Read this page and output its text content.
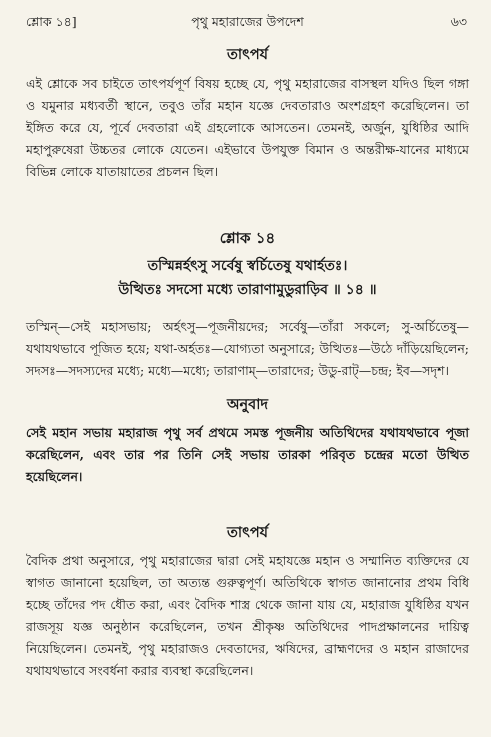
শ্লোক ১৪]	পৃথু মহারাজের উপদেশ	৬৩
তাৎপর্য
এই শ্লোকে সব চাইতে তাৎপর্যপূর্ণ বিষয় হচ্ছে যে, পৃথু মহারাজের বাসস্থল যদিও ছিল গঙ্গা ও যমুনার মধ্যবর্তী স্থানে, তবুও তাঁর মহান যজ্ঞে দেবতারাও অংশগ্রহণ করেছিলেন। তা ইঙ্গিত করে যে, পূর্বে দেবতারা এই গ্রহলোকে আসতেন। তেমনই, অর্জুন, যুধিষ্ঠির আদি মহাপুরুষেরা উচ্চতর লোকে যেতেন। এইভাবে উপযুক্ত বিমান ও অন্তরীক্ষ-যানের মাধ্যমে বিভিন্ন লোকে যাতায়াতের প্রচলন ছিল।
শ্লোক ১৪
তস্মিন্নর্হৎসু সর্বেষু স্বর্চিতেষু যথার্হতঃ।
উত্থিতঃ সদসো মধ্যে তারাণামুডুরাড়িব ॥ ১৪ ॥
তস্মিন্—সেই মহাসভায়; অর্হৎসু—পূজনীয়দের; সর্বেষু—তাঁরা সকলে; সু-অর্চিতেষু—যথাযথভাবে পূজিত হয়ে; যথা-অর্হতঃ—যোগ্যতা অনুসারে; উত্থিতঃ—উঠে দাঁড়িয়েছিলেন; সদসঃ—সদস্যদের মধ্যে; মধ্যে—মধ্যে; তারাণাম্—তারাদের; উডু-রাট্—চন্দ্র; ইব—সদৃশ।
অনুবাদ
সেই মহান সভায় মহারাজ পৃথু সর্ব প্রথমে সমস্ত পূজনীয় অতিথিদের যথাযথভাবে পূজা করেছিলেন, এবং তার পর তিনি সেই সভায় তারকা পরিবৃত চন্দ্রের মতো উত্থিত হয়েছিলেন।
তাৎপর্য
বৈদিক প্রথা অনুসারে, পৃথু মহারাজের দ্বারা সেই মহাযজ্ঞে মহান ও সম্মানিত ব্যক্তিদের যে স্বাগত জানানো হয়েছিল, তা অত্যন্ত গুরুত্বপূর্ণ। অতিথিকে স্বাগত জানানোর প্রথম বিধি হচ্ছে তাঁদের পদ ধৌত করা, এবং বৈদিক শাস্ত্র থেকে জানা যায় যে, মহারাজ যুধিষ্ঠির যখন রাজসূয় যজ্ঞ অনুষ্ঠান করেছিলেন, তখন শ্রীকৃষ্ণ অতিথিদের পাদপ্রক্ষালনের দায়িত্ব নিয়েছিলেন। তেমনই, পৃথু মহারাজও দেবতাদের, ঋষিদের, ব্রাহ্মণদের ও মহান রাজাদের যথাযথভাবে সংবর্ধনা করার ব্যবস্থা করেছিলেন।
